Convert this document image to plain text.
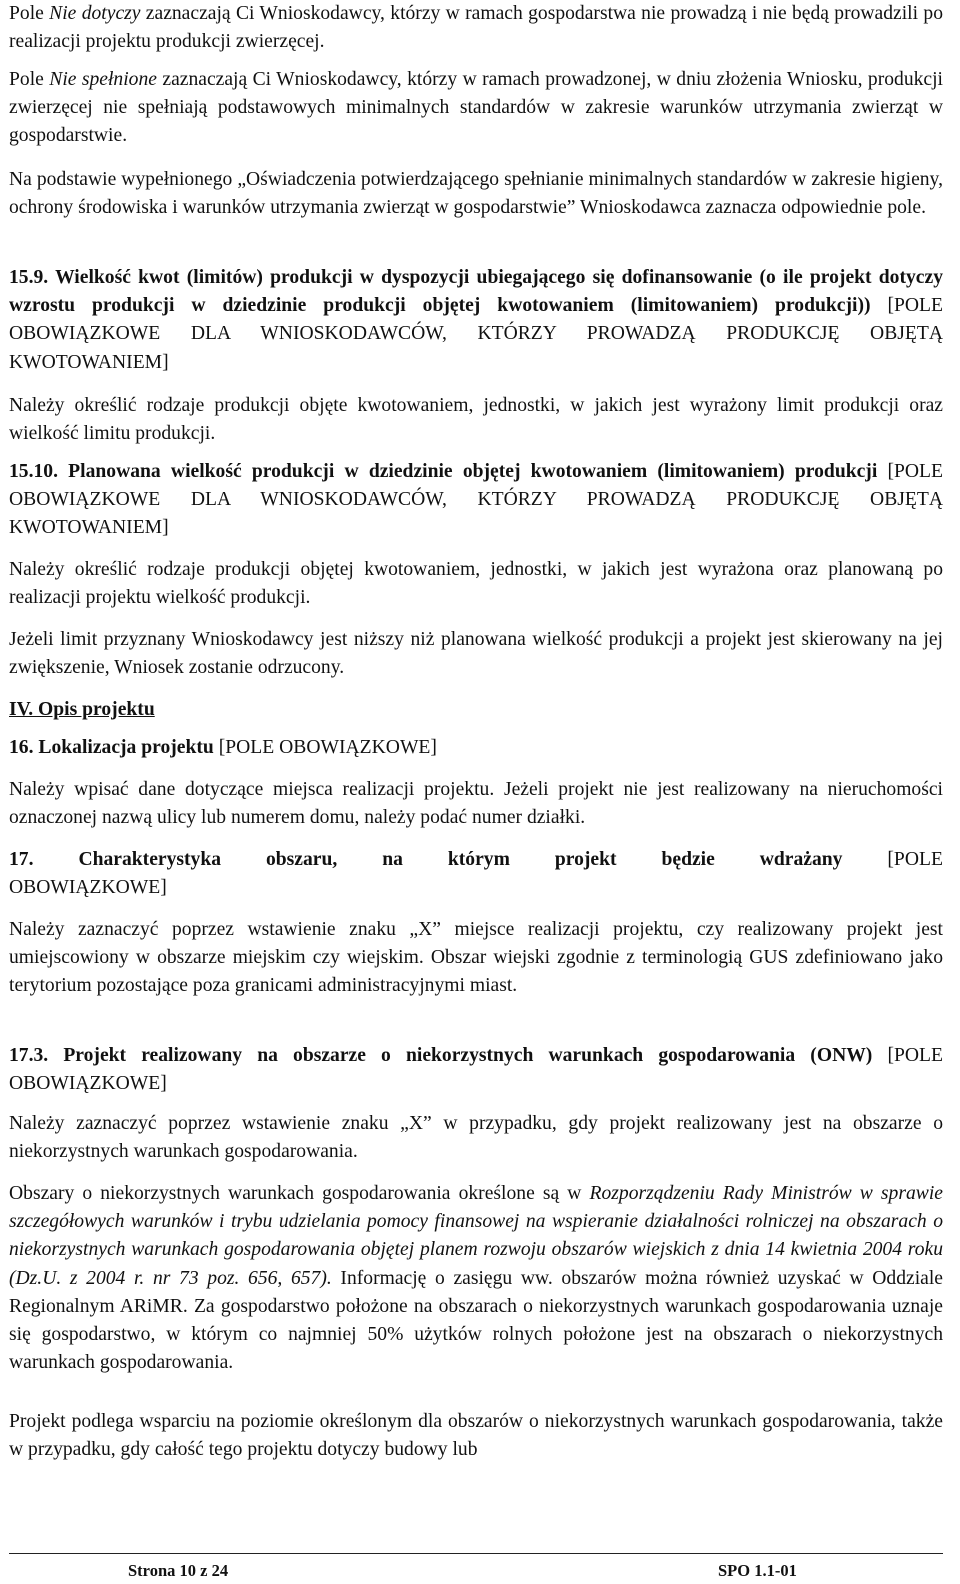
Pole Nie dotyczy zaznaczają Ci Wnioskodawcy, którzy w ramach gospodarstwa nie prowadzą i nie będą prowadzili po realizacji projektu produkcji zwierzęcej.

Pole Nie spełnione zaznaczają Ci Wnioskodawcy, którzy w ramach prowadzonej, w dniu złożenia Wniosku, produkcji zwierzęcej nie spełniają podstawowych minimalnych standardów w zakresie warunków utrzymania zwierząt w gospodarstwie.

Na podstawie wypełnionego „Oświadczenia potwierdzającego spełnianie minimalnych standardów w zakresie higieny, ochrony środowiska i warunków utrzymania zwierząt w gospodarstwie” Wnioskodawca zaznacza odpowiednie pole.

15.9. Wielkość kwot (limitów) produkcji w dyspozycji ubiegającego się dofinansowanie (o ile projekt dotyczy wzrostu produkcji w dziedzinie produkcji objętej kwotowaniem (limitowaniem) produkcji)) [POLE OBOWIĄZKOWE DLA WNIOSKODAWCÓW, KTÓRZY PROWADZĄ PRODUKCJĘ OBJĘTĄ KWOTOWANIEM]

Należy określić rodzaje produkcji objęte kwotowaniem, jednostki, w jakich jest wyrażony limit produkcji oraz wielkość limitu produkcji.

15.10. Planowana wielkość produkcji w dziedzinie objętej kwotowaniem (limitowaniem) produkcji [POLE OBOWIĄZKOWE DLA WNIOSKODAWCÓW, KTÓRZY PROWADZĄ PRODUKCJĘ OBJĘTĄ KWOTOWANIEM]

Należy określić rodzaje produkcji objętej kwotowaniem, jednostki, w jakich jest wyrażona oraz planowaną po realizacji projektu wielkość produkcji.

Jeżeli limit przyznany Wnioskodawcy jest niższy niż planowana wielkość produkcji a projekt jest skierowany na jej zwiększenie, Wniosek zostanie odrzucony.

IV. Opis projektu

16. Lokalizacja projektu [POLE OBOWIĄZKOWE]

Należy wpisać dane dotyczące miejsca realizacji projektu. Jeżeli projekt nie jest realizowany na nieruchomości oznaczonej nazwą ulicy lub numerem domu, należy podać numer działki.

17. Charakterystyka obszaru, na którym projekt będzie wdrażany [POLE
OBOWIĄZKOWE]

Należy zaznaczyć poprzez wstawienie znaku „X” miejsce realizacji projektu, czy realizowany projekt jest umiejscowiony w obszarze miejskim czy wiejskim. Obszar wiejski zgodnie z terminologią GUS zdefiniowano jako terytorium pozostające poza granicami administracyjnymi miast.

17.3. Projekt realizowany na obszarze o niekorzystnych warunkach gospodarowania (ONW) [POLE OBOWIĄZKOWE]

Należy zaznaczyć poprzez wstawienie znaku „X” w przypadku, gdy projekt realizowany jest na obszarze o niekorzystnych warunkach gospodarowania.

Obszary o niekorzystnych warunkach gospodarowania określone są w Rozporządzeniu Rady Ministrów w sprawie szczegółowych warunków i trybu udzielania pomocy finansowej na wspieranie działalności rolniczej na obszarach o niekorzystnych warunkach gospodarowania objętej planem rozwoju obszarów wiejskich z dnia 14 kwietnia 2004 roku (Dz.U. z 2004 r. nr 73 poz. 656, 657). Informację o zasięgu ww. obszarów można również uzyskać w Oddziale Regionalnym ARiMR. Za gospodarstwo położone na obszarach o niekorzystnych warunkach gospodarowania uznaje się gospodarstwo, w którym co najmniej 50% użytków rolnych położone jest na obszarach o niekorzystnych warunkach gospodarowania.

Projekt podlega wsparciu na poziomie określonym dla obszarów o niekorzystnych warunkach gospodarowania, także w przypadku, gdy całość tego projektu dotyczy budowy lub

Strona 10 z 24	SPO 1.1-01
